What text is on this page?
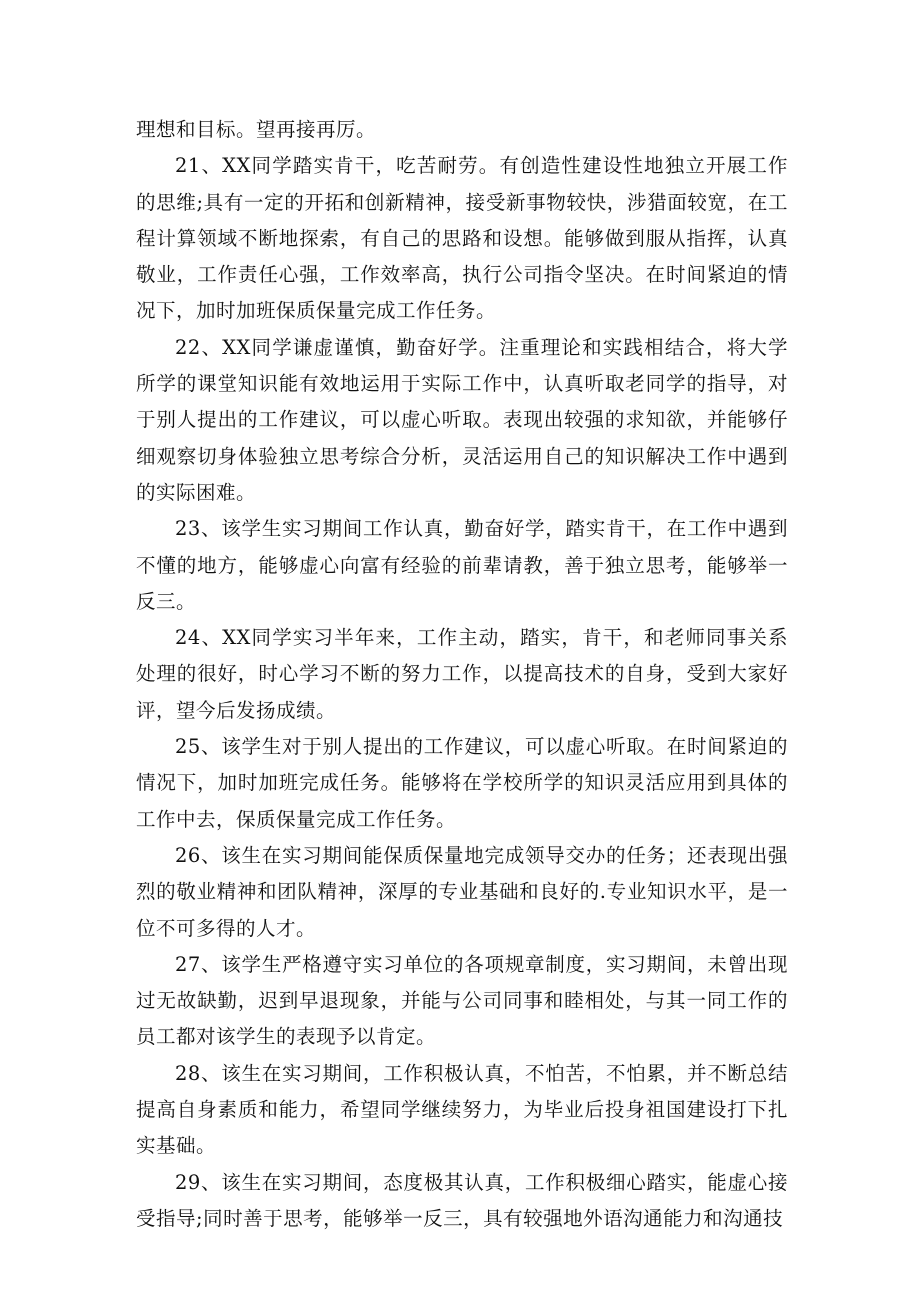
理想和目标。望再接再厉。

21、XX同学踏实肯干，吃苦耐劳。有创造性建设性地独立开展工作的思维;具有一定的开拓和创新精神，接受新事物较快，涉猎面较宽，在工程计算领域不断地探索，有自己的思路和设想。能够做到服从指挥，认真敬业，工作责任心强，工作效率高，执行公司指令坚决。在时间紧迫的情况下，加时加班保质保量完成工作任务。

22、XX同学谦虚谨慎，勤奋好学。注重理论和实践相结合，将大学所学的课堂知识能有效地运用于实际工作中，认真听取老同学的指导，对于别人提出的工作建议，可以虚心听取。表现出较强的求知欲，并能够仔细观察切身体验独立思考综合分析，灵活运用自己的知识解决工作中遇到的实际困难。

23、该学生实习期间工作认真，勤奋好学，踏实肯干，在工作中遇到不懂的地方，能够虚心向富有经验的前辈请教，善于独立思考，能够举一反三。

24、XX同学实习半年来，工作主动，踏实，肯干，和老师同事关系处理的很好，时心学习不断的努力工作，以提高技术的自身，受到大家好评，望今后发扬成绩。

25、该学生对于别人提出的工作建议，可以虚心听取。在时间紧迫的情况下，加时加班完成任务。能够将在学校所学的知识灵活应用到具体的工作中去，保质保量完成工作任务。

26、该生在实习期间能保质保量地完成领导交办的任务；还表现出强烈的敬业精神和团队精神，深厚的专业基础和良好的.专业知识水平，是一位不可多得的人才。

27、该学生严格遵守实习单位的各项规章制度，实习期间，未曾出现过无故缺勤，迟到早退现象，并能与公司同事和睦相处，与其一同工作的员工都对该学生的表现予以肯定。

28、该生在实习期间，工作积极认真，不怕苦，不怕累，并不断总结提高自身素质和能力，希望同学继续努力，为毕业后投身祖国建设打下扎实基础。

29、该生在实习期间，态度极其认真，工作积极细心踏实，能虚心接受指导;同时善于思考，能够举一反三，具有较强地外语沟通能力和沟通技
